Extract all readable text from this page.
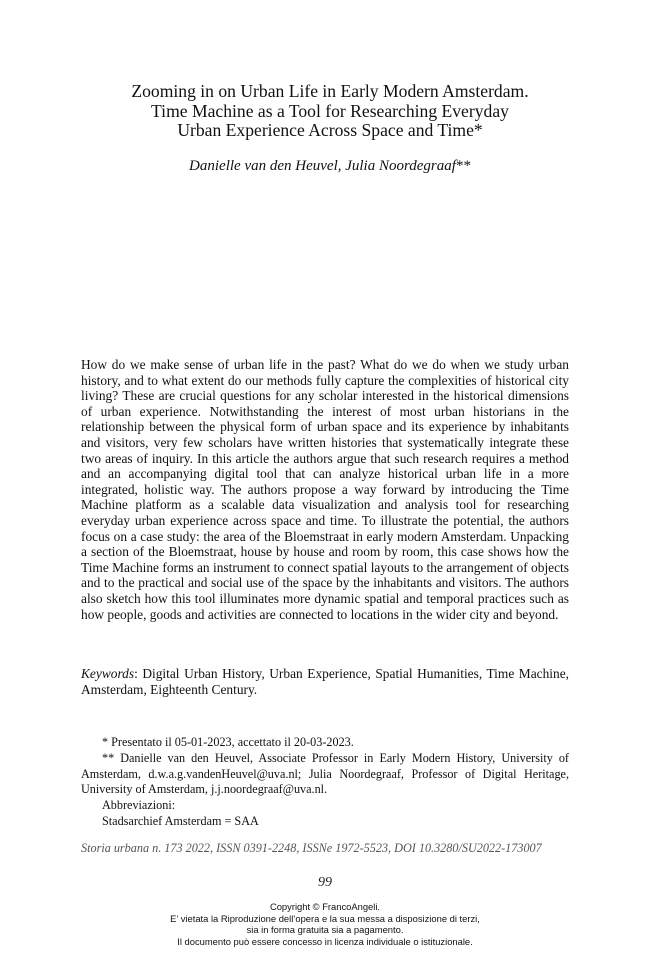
Zooming in on Urban Life in Early Modern Amsterdam.
Time Machine as a Tool for Researching Everyday
Urban Experience Across Space and Time*
Danielle van den Heuvel, Julia Noordegraaf**

How do we make sense of urban life in the past? What do we do when we study urban history, and to what extent do our methods fully capture the complexities of historical city living? These are crucial questions for any scholar interested in the historical dimensions of urban experience. Notwithstanding the interest of most urban historians in the relationship between the physical form of urban space and its experience by inhabitants and visitors, very few scholars have written histories that systematically integrate these two areas of inquiry. In this article the authors argue that such research requires a method and an accompanying digital tool that can analyze historical urban life in a more integrated, holistic way. The authors propose a way forward by introducing the Time Machine platform as a scalable data visualization and analysis tool for researching everyday urban experience across space and time. To illustrate the potential, the authors focus on a case study: the area of the Bloemstraat in early modern Amsterdam. Unpacking a section of the Bloemstraat, house by house and room by room, this case shows how the Time Machine forms an instrument to connect spatial layouts to the arrangement of objects and to the practical and social use of the space by the inhabitants and visitors. The authors also sketch how this tool illuminates more dynamic spatial and temporal practices such as how people, goods and activities are connected to locations in the wider city and beyond.

Keywords: Digital Urban History, Urban Experience, Spatial Humanities, Time Machine, Amsterdam, Eighteenth Century.

* Presentato il 05-01-2023, accettato il 20-03-2023.
** Danielle van den Heuvel, Associate Professor in Early Modern History, University of Amsterdam, d.w.a.g.vandenHeuvel@uva.nl; Julia Noordegraaf, Professor of Digital Heritage, University of Amsterdam, j.j.noordegraaf@uva.nl.
Abbreviazioni:
Stadsarchief Amsterdam = SAA
Storia urbana n. 173 2022, ISSN 0391-2248, ISSNe 1972-5523, DOI 10.3280/SU2022-173007
99
Copyright © FrancoAngeli.
E’ vietata la Riproduzione dell’opera e la sua messa a disposizione di terzi,
sia in forma gratuita sia a pagamento.
Il documento può essere concesso in licenza individuale o istituzionale.
